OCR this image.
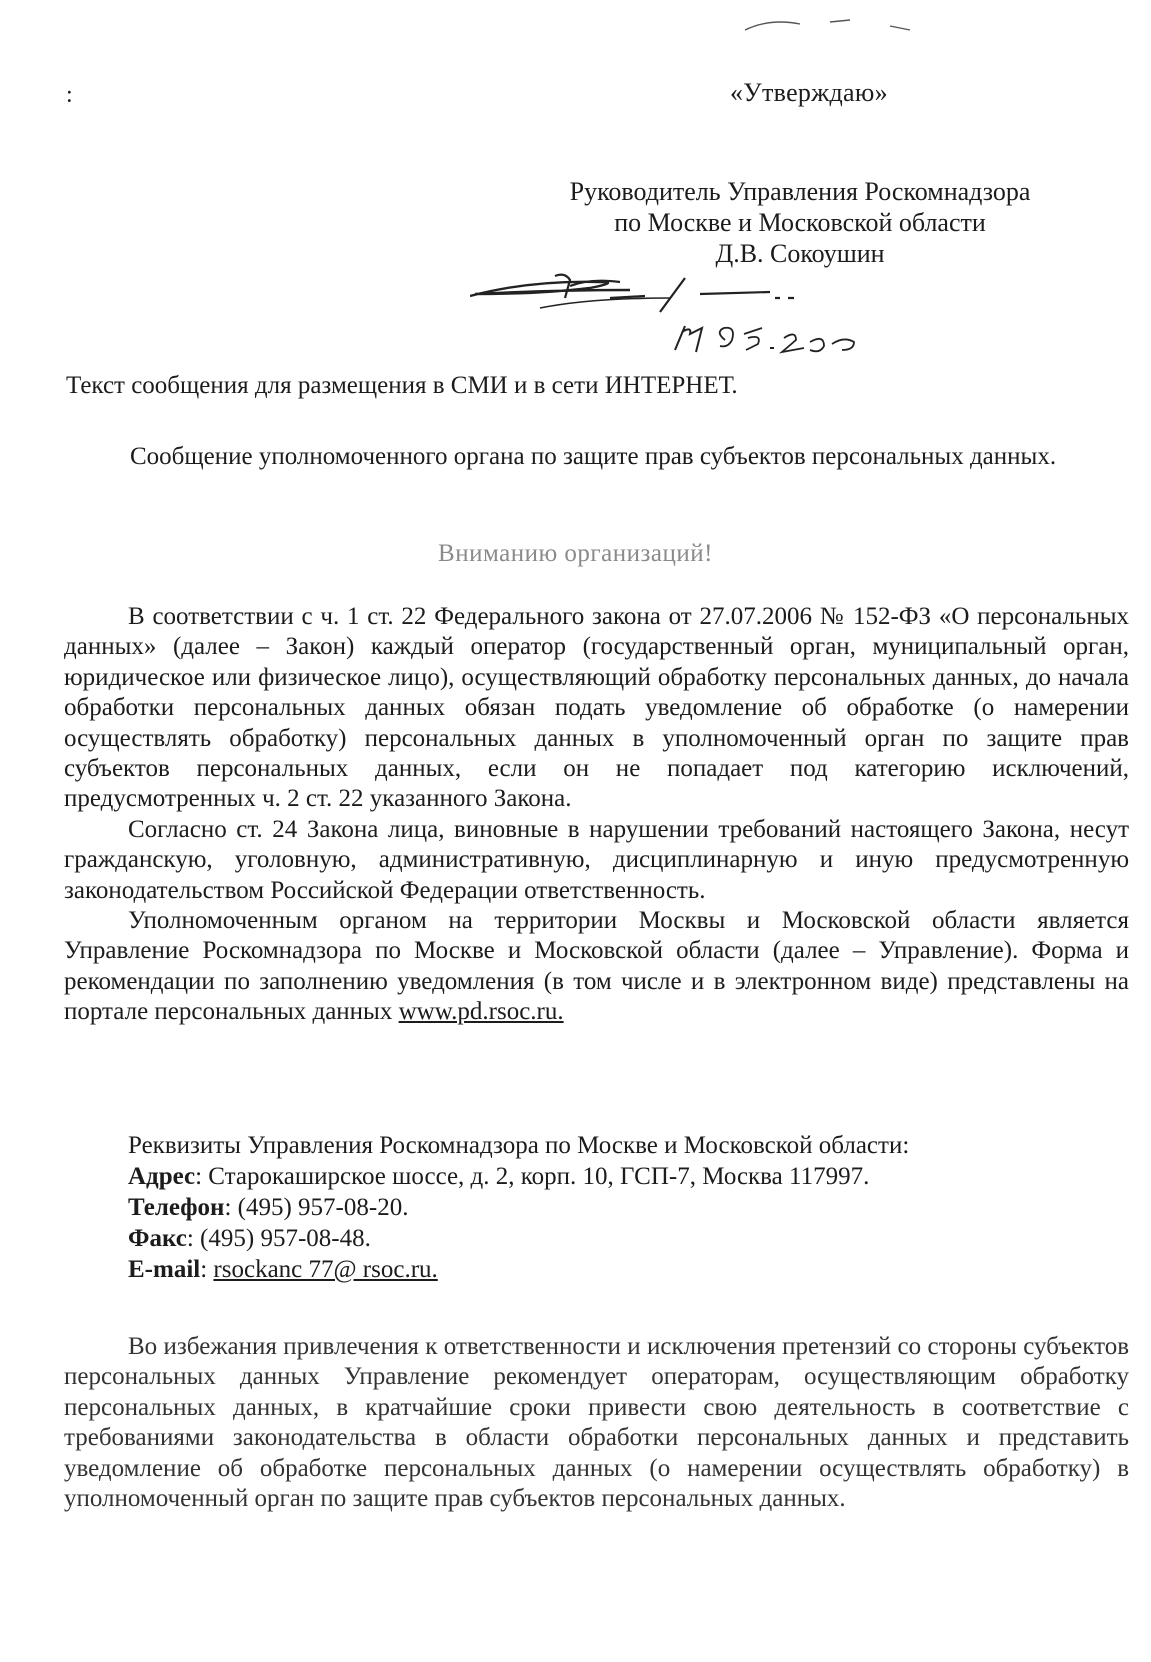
:	«Утверждаю»
Руководитель Управления Роскомнадзора
по Москве и Московской области
Д.В. Сокоушин
Текст сообщения для размещения в СМИ и в сети ИНТЕРНЕТ.
Сообщение уполномоченного органа по защите прав субъектов персональных данных.
Вниманию организаций!

В соответствии с ч. 1 ст. 22 Федерального закона от 27.07.2006 № 152-ФЗ «О персональных данных» (далее – Закон) каждый оператор (государственный орган, муниципальный орган, юридическое или физическое лицо), осуществляющий обработку персональных данных, до начала обработки персональных данных обязан подать уведомление об обработке (о намерении осуществлять обработку) персональных данных в уполномоченный орган по защите прав субъектов персональных данных, если он не попадает под категорию исключений, предусмотренных ч. 2 ст. 22 указанного Закона.

Согласно ст. 24 Закона лица, виновные в нарушении требований настоящего Закона, несут гражданскую, уголовную, административную, дисциплинарную и иную предусмотренную законодательством Российской Федерации ответственность.

Уполномоченным органом на территории Москвы и Московской области является Управление Роскомнадзора по Москве и Московской области (далее – Управление). Форма и рекомендации по заполнению уведомления (в том числе и в электронном виде) представлены на портале персональных данных www.pd.rsoc.ru.

Реквизиты Управления Роскомнадзора по Москве и Московской области:
Адрес: Старокаширское шоссе, д. 2, корп. 10, ГСП-7, Москва 117997.
Телефон: (495) 957-08-20.
Факс: (495) 957-08-48.
E-mail: rsockanc 77@ rsoc.ru.

Во избежания привлечения к ответственности и исключения претензий со стороны субъектов персональных данных Управление рекомендует операторам, осуществляющим обработку персональных данных, в кратчайшие сроки привести свою деятельность в соответствие с требованиями законодательства в области обработки персональных данных и представить уведомление об обработке персональных данных (о намерении осуществлять обработку) в уполномоченный орган по защите прав субъектов персональных данных.
